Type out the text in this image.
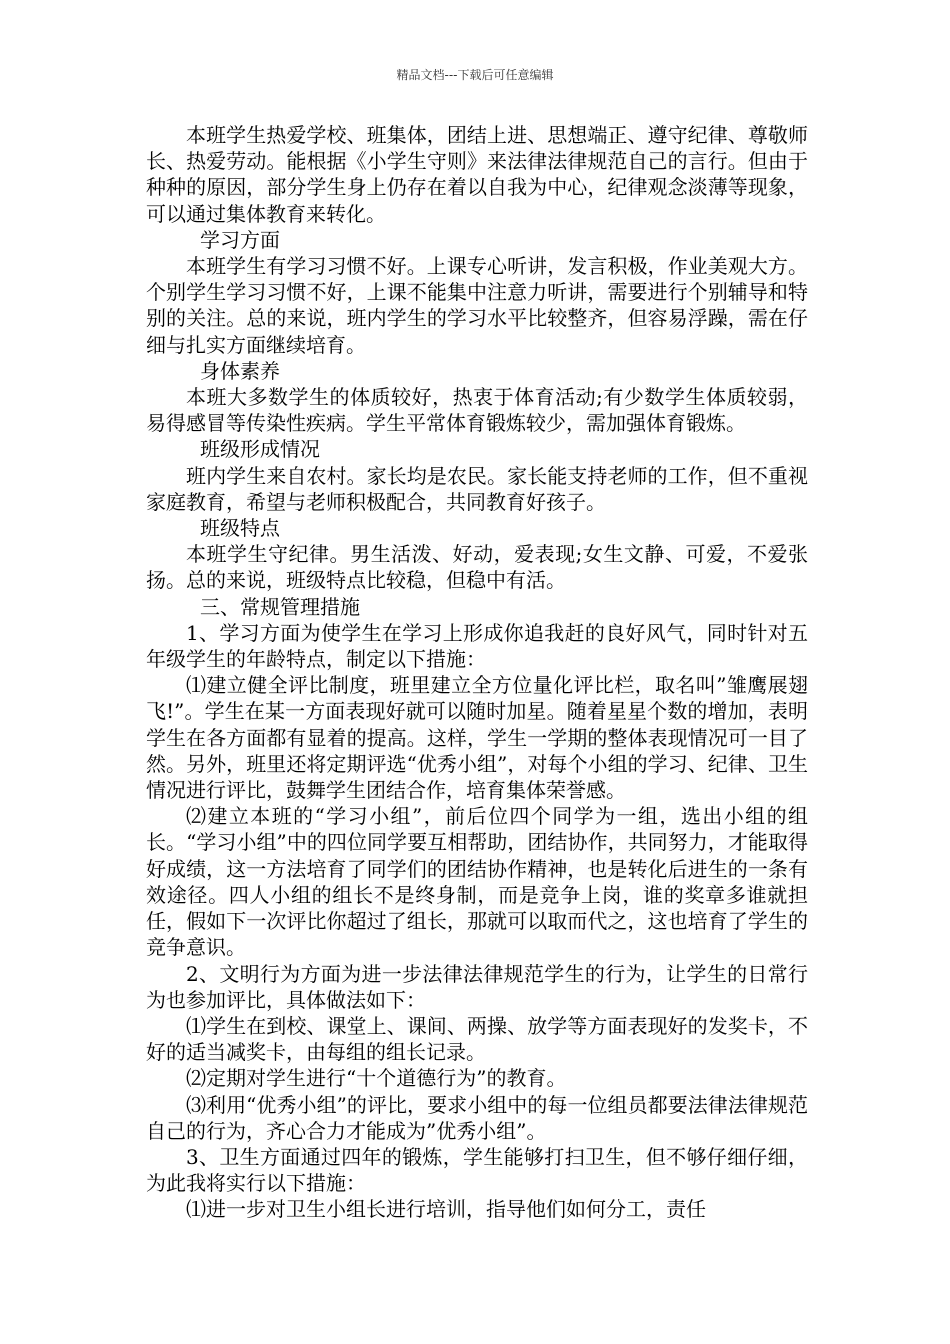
精品文档---下载后可任意编辑

本班学生热爱学校、班集体，团结上进、思想端正、遵守纪律、尊敬师长、热爱劳动。能根据《小学生守则》来法律法律规范自己的言行。但由于种种的原因，部分学生身上仍存在着以自我为中心，纪律观念淡薄等现象，可以通过集体教育来转化。

学习方面

本班学生有学习习惯不好。上课专心听讲，发言积极，作业美观大方。个别学生学习习惯不好，上课不能集中注意力听讲，需要进行个别辅导和特别的关注。总的来说，班内学生的学习水平比较整齐，但容易浮躁，需在仔细与扎实方面继续培育。

身体素养

本班大多数学生的体质较好，热衷于体育活动;有少数学生体质较弱，易得感冒等传染性疾病。学生平常体育锻炼较少，需加强体育锻炼。

班级形成情况

班内学生来自农村。家长均是农民。家长能支持老师的工作，但不重视家庭教育，希望与老师积极配合，共同教育好孩子。

班级特点

本班学生守纪律。男生活泼、好动，爱表现;女生文静、可爱，不爱张扬。总的来说，班级特点比较稳，但稳中有活。

三、常规管理措施

1、学习方面为使学生在学习上形成你追我赶的良好风气，同时针对五年级学生的年龄特点，制定以下措施：

⑴建立健全评比制度，班里建立全方位量化评比栏，取名叫”雏鹰展翅飞!”。学生在某一方面表现好就可以随时加星。随着星星个数的增加，表明学生在各方面都有显着的提高。这样，学生一学期的整体表现情况可一目了然。另外，班里还将定期评选“优秀小组”，对每个小组的学习、纪律、卫生情况进行评比，鼓舞学生团结合作，培育集体荣誉感。

⑵建立本班的“学习小组”，前后位四个同学为一组，选出小组的组长。“学习小组”中的四位同学要互相帮助，团结协作，共同努力，才能取得好成绩，这一方法培育了同学们的团结协作精神，也是转化后进生的一条有效途径。四人小组的组长不是终身制，而是竞争上岗，谁的奖章多谁就担任，假如下一次评比你超过了组长，那就可以取而代之，这也培育了学生的竞争意识。

2、文明行为方面为进一步法律法律规范学生的行为，让学生的日常行为也参加评比，具体做法如下：

⑴学生在到校、课堂上、课间、两操、放学等方面表现好的发奖卡，不好的适当减奖卡，由每组的组长记录。

⑵定期对学生进行“十个道德行为”的教育。

⑶利用“优秀小组”的评比，要求小组中的每一位组员都要法律法律规范自己的行为，齐心合力才能成为”优秀小组”。

3、卫生方面通过四年的锻炼，学生能够打扫卫生，但不够仔细仔细，为此我将实行以下措施：

⑴进一步对卫生小组长进行培训，指导他们如何分工，责任
